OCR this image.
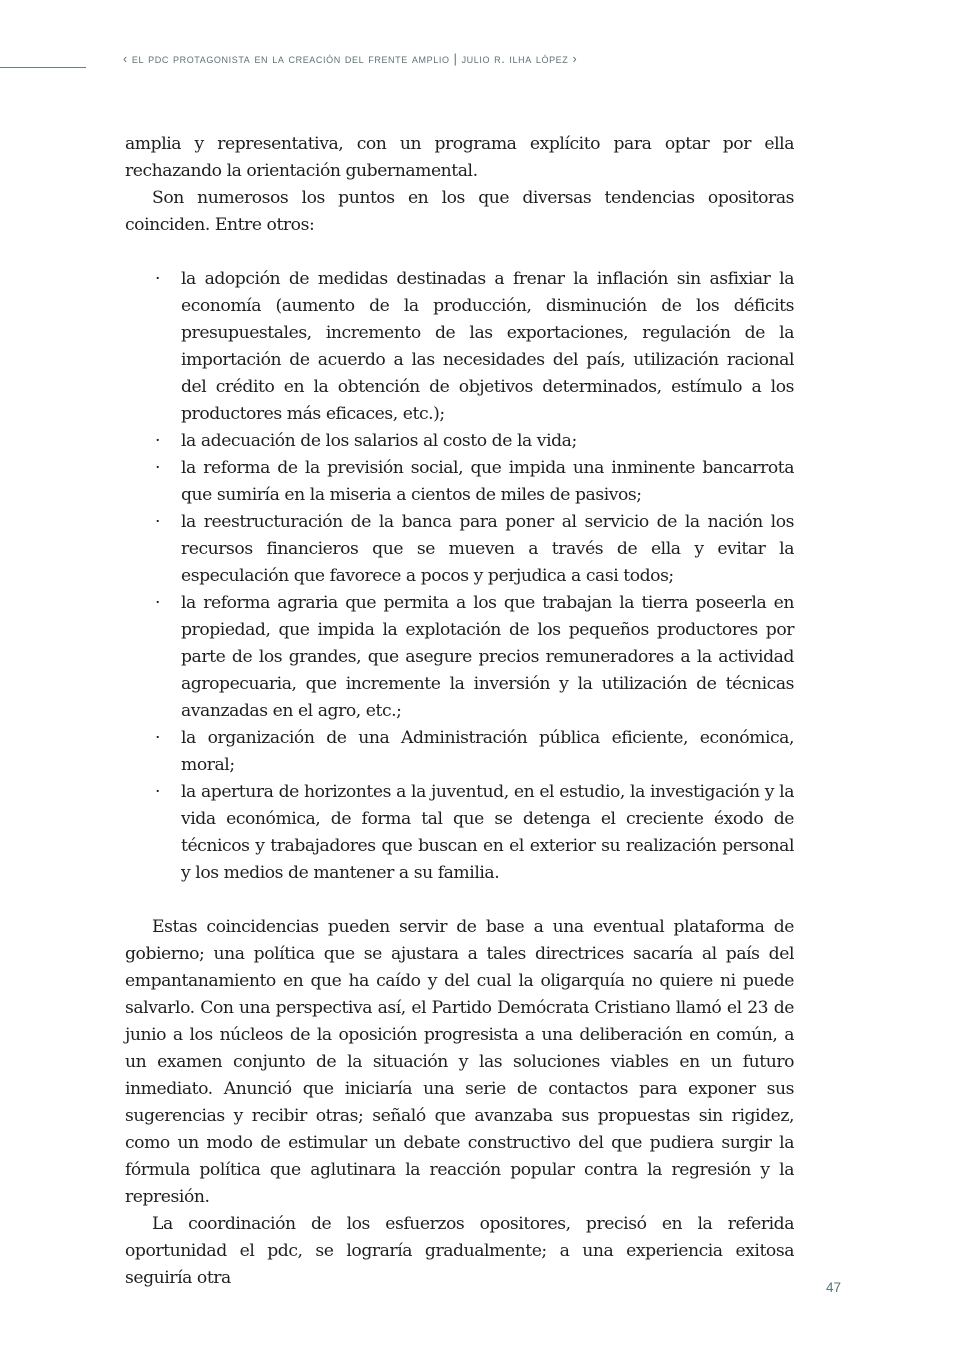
‹ el pdc protagonista en la creación del frente amplio | julio r. ilha lópez ›

amplia y representativa, con un programa explícito para optar por ella rechazando la orientación gubernamental.

Son numerosos los puntos en los que diversas tendencias opositoras coinciden. Entre otros:

· la adopción de medidas destinadas a frenar la inflación sin asfixiar la economía (aumento de la producción, disminución de los déficits presupuestales, incremento de las exportaciones, regulación de la importación de acuerdo a las necesidades del país, utilización racional del crédito en la obtención de objetivos determinados, estímulo a los productores más eficaces, etc.);
· la adecuación de los salarios al costo de la vida;
· la reforma de la previsión social, que impida una inminente bancarrota que sumiría en la miseria a cientos de miles de pasivos;
· la reestructuración de la banca para poner al servicio de la nación los recursos financieros que se mueven a través de ella y evitar la especulación que favorece a pocos y perjudica a casi todos;
· la reforma agraria que permita a los que trabajan la tierra poseerla en propiedad, que impida la explotación de los pequeños productores por parte de los grandes, que asegure precios remuneradores a la actividad agropecuaria, que incremente la inversión y la utilización de técnicas avanzadas en el agro, etc.;
· la organización de una Administración pública eficiente, económica, moral;
· la apertura de horizontes a la juventud, en el estudio, la investigación y la vida económica, de forma tal que se detenga el creciente éxodo de técnicos y trabajadores que buscan en el exterior su realización personal y los medios de mantener a su familia.

Estas coincidencias pueden servir de base a una eventual plataforma de gobierno; una política que se ajustara a tales directrices sacaría al país del empantanamiento en que ha caído y del cual la oligarquía no quiere ni puede salvarlo. Con una perspectiva así, el Partido Demócrata Cristiano llamó el 23 de junio a los núcleos de la oposición progresista a una deliberación en común, a un examen conjunto de la situación y las soluciones viables en un futuro inmediato. Anunció que iniciaría una serie de contactos para exponer sus sugerencias y recibir otras; señaló que avanzaba sus propuestas sin rigidez, como un modo de estimular un debate constructivo del que pudiera surgir la fórmula política que aglutinara la reacción popular contra la regresión y la represión.

La coordinación de los esfuerzos opositores, precisó en la referida oportunidad el pdc, se lograría gradualmente; a una experiencia exitosa seguiría otra	47
